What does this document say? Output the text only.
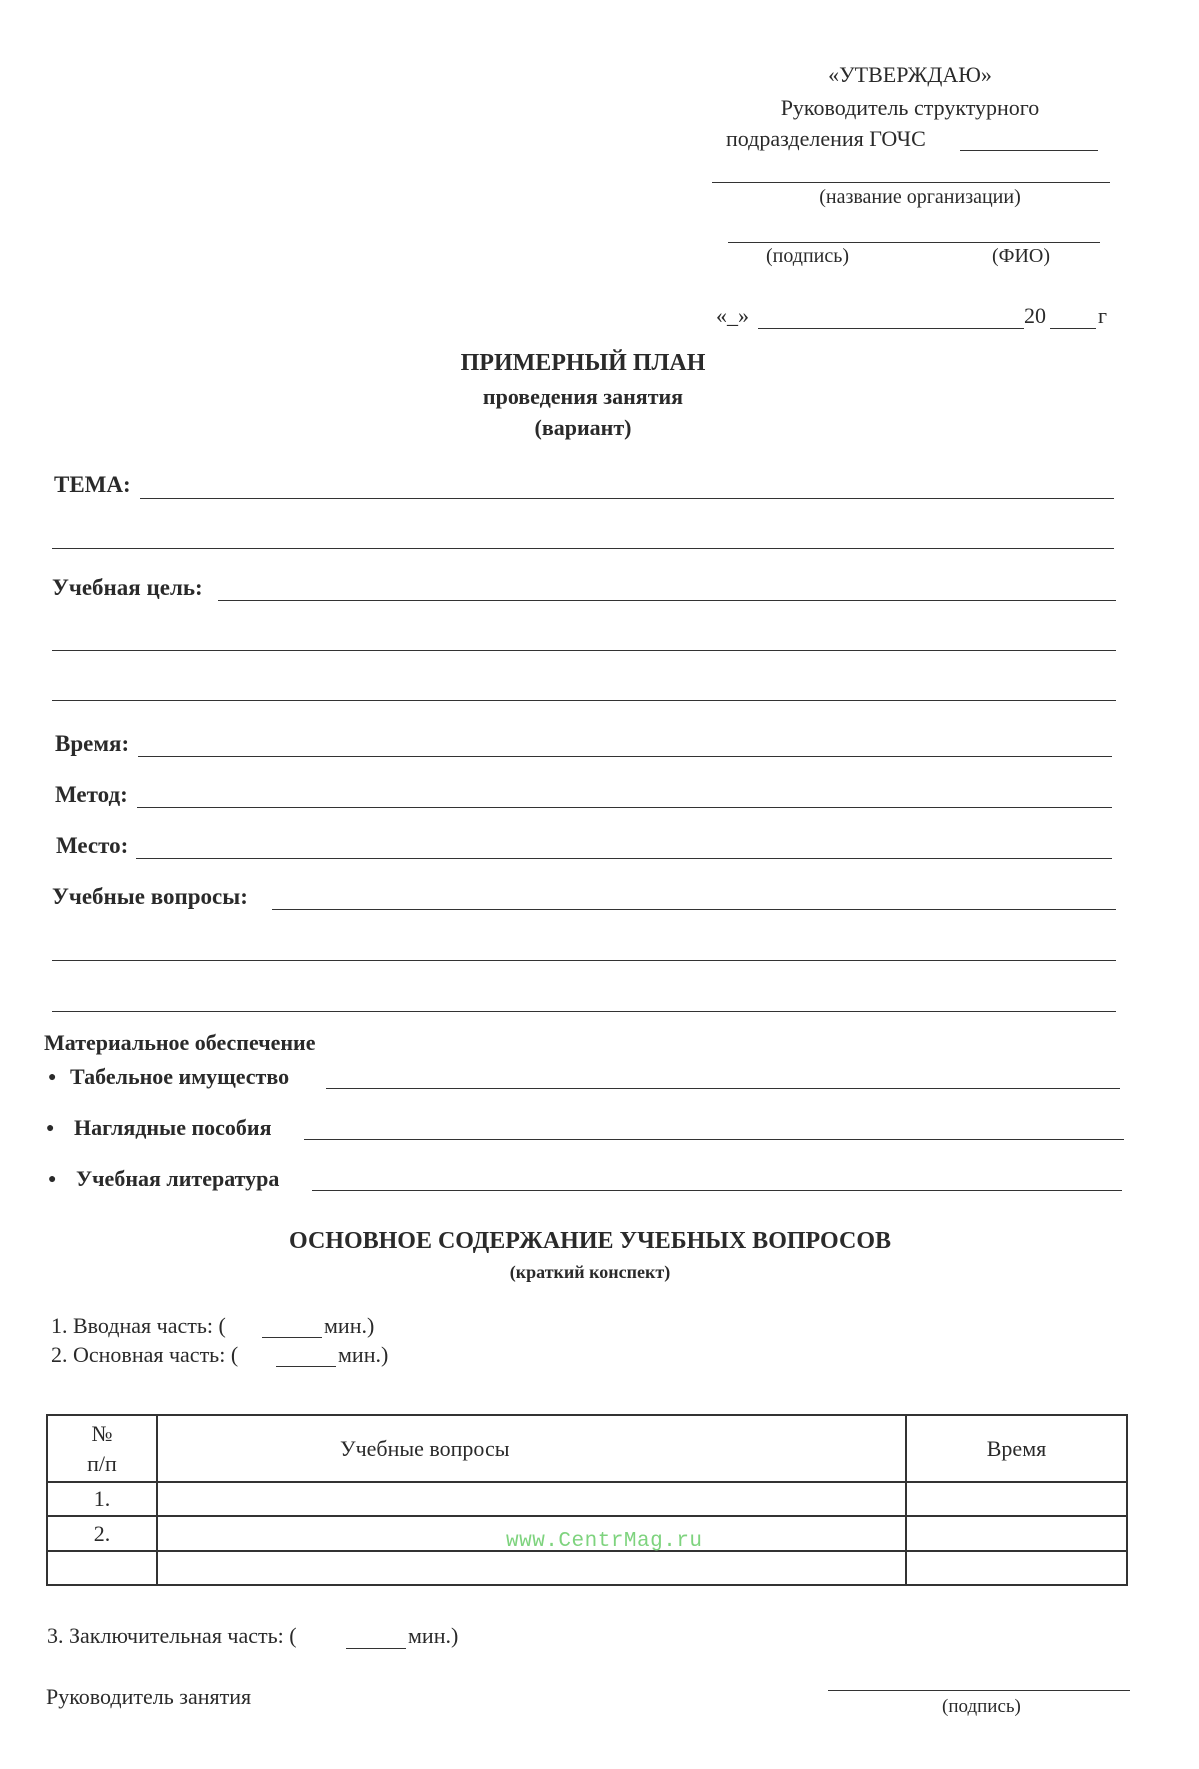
«УТВЕРЖДАЮ»
Руководитель структурного
подразделения ГОЧС
(название организации)
(подпись)	(ФИО)
«_»	20 г
ПРИМЕРНЫЙ ПЛАН
проведения занятия
(вариант)
ТЕМА:
Учебная цель:
Время:
Метод:
Место:
Учебные вопросы:
Материальное обеспечение
● Табельное имущество
● Наглядные пособия
● Учебная литература
ОСНОВНОЕ СОДЕРЖАНИЕ УЧЕБНЫХ ВОПРОСОВ
(краткий конспект)
1. Вводная часть: (	мин.)
2. Основная часть: (	мин.)
№
п/п	Учебные вопросы	Время
1.		
2.		
			www.CentrMag.ru
3. Заключительная часть: (	мин.)
Руководитель занятия	(подпись)
